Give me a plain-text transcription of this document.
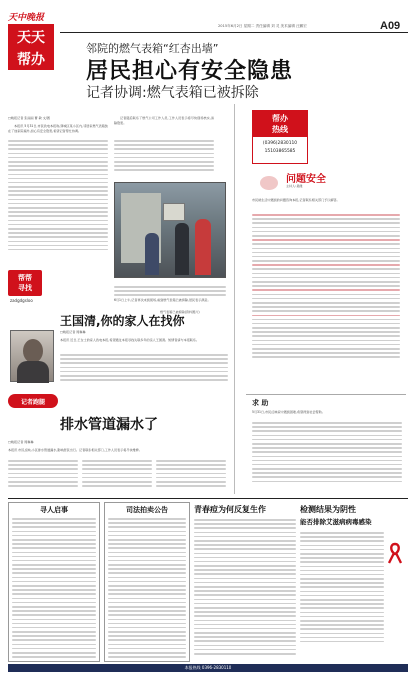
天中晚报
天天
帮办
2015年6月2日 星期二 责任编辑 刘 灵 美术编辑 汪鹏宏	A09
邻院的燃气表箱“红杏出墙”
居民担心有安全隐患
记者协调:燃气表箱已被拆除
□晚报记者 张丽丽 曹 敏 文/图

本报讯 5月31日,市民致电本报称,驿城区某小区内,邻居家燃气表箱装在了他家院墙外,担心有安全隐患,希望记者帮忙协调。

记者随后联系了燃气公司工作人员,工作人员表示将尽快现场核实,消除隐患。

6月1日上午,记者再次来到现场,看到燃气表箱已被拆除,居民表示满意。
燃气表箱已被拆除(资料图片)
帮办
热线
(0396)2830110
15103865585
问题安全
主持人:昊健
市民就生活中遇到的问题咨询本报,记者联系相关部门予以解答。
求 助
5月31日,市民反映家中遇到困难,希望得到社会帮助。
帮帮
寻找
zadgdgsloo
王国清,你的家人在找你
□晚报记者 周琳琳
本报讯 近日,王女士的家人致电本报,希望通过本报寻找失联多年的亲人王国清。知情者请与本报联系。
记者跑腿
排水管道漏水了
□晚报记者 周琳琳
本报讯 市民反映,小区排水管道漏水,影响居民出行。记者联系相关部门,工作人员表示将尽快维修。
寻人启事	司法拍卖公告	青春痘为何反复生作	检测结果为阴性
能否排除艾滋病病毒感染
本报热线 0396-2830110
